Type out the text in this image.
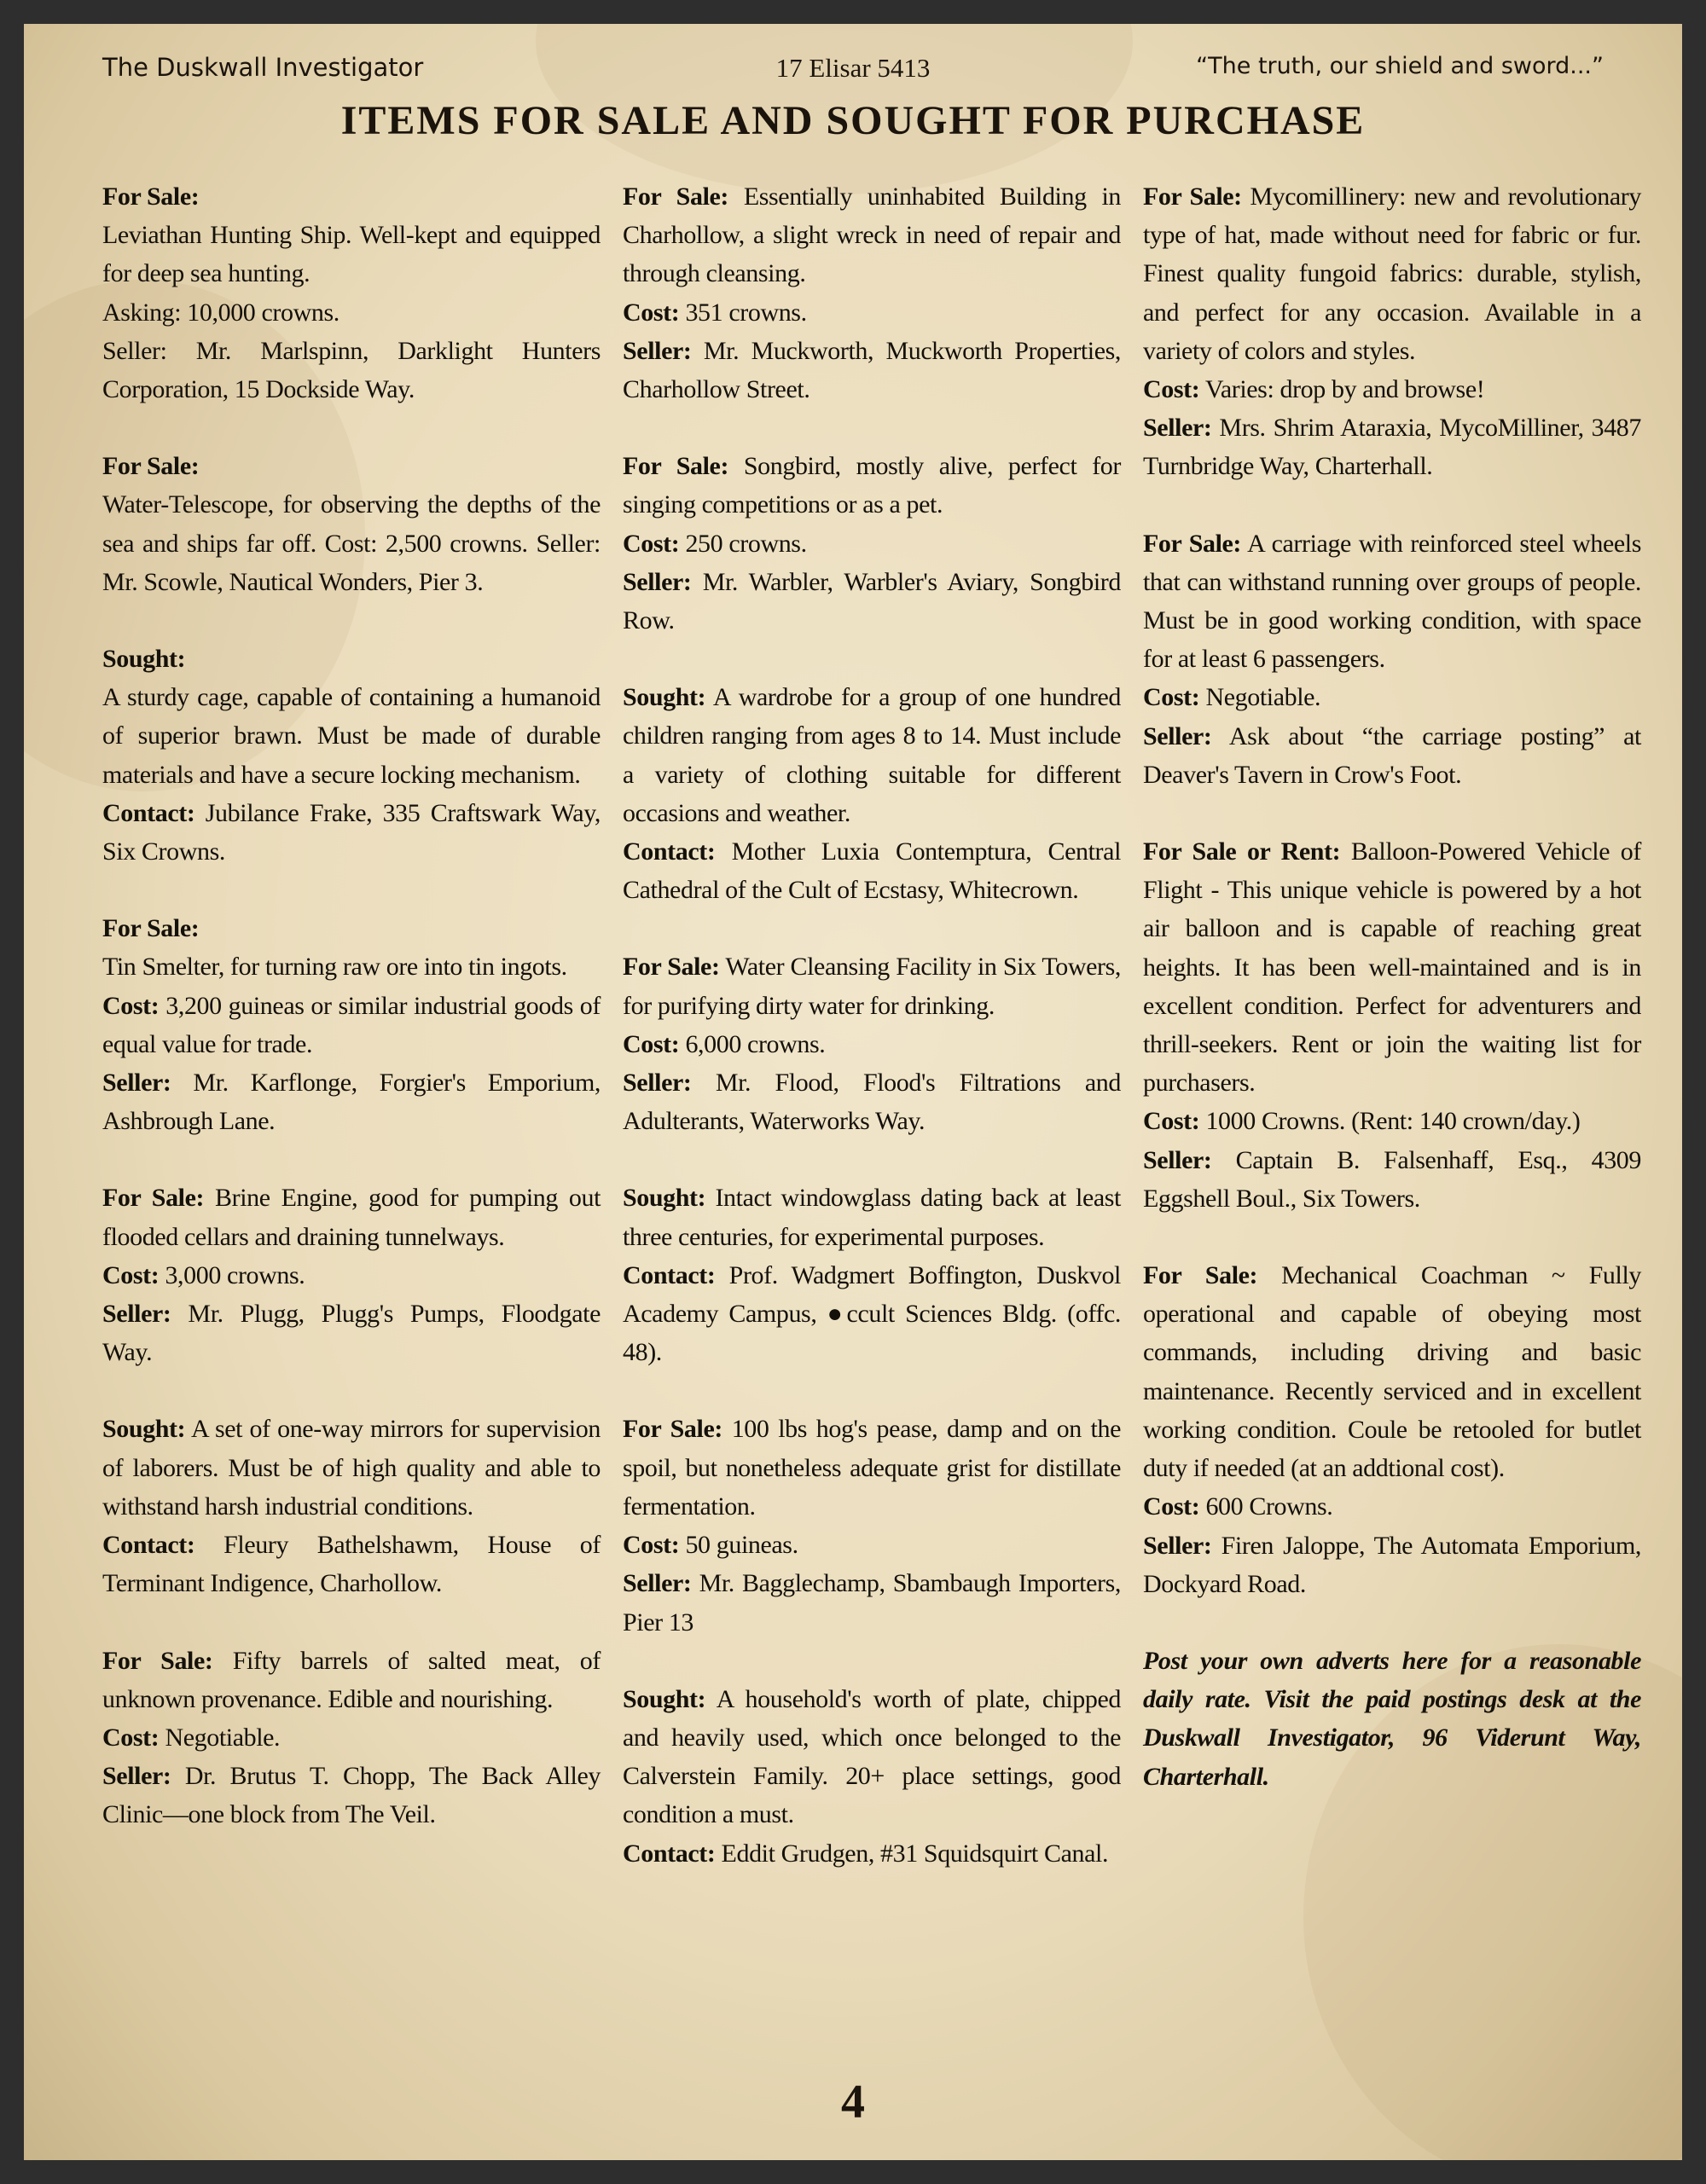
The Duskwall Investigator	17 Elisar 5413	“The truth, our shield and sword...”
ITEMS FOR SALE AND SOUGHT FOR PURCHASE

For Sale:

Leviathan Hunting Ship. Well-kept and equipped for deep sea hunting.

Asking: 10,000 crowns.

Seller: Mr. Marlspinn, Darklight Hunters Corporation, 15 Dockside Way.

For Sale:

Water-Telescope, for observing the depths of the sea and ships far off. Cost: 2,500 crowns. Seller: Mr. Scowle, Nautical Wonders, Pier 3.

Sought:

A sturdy cage, capable of containing a humanoid of superior brawn. Must be made of durable materials and have a secure locking mechanism.

Contact: Jubilance Frake, 335 Craftswark Way, Six Crowns.

For Sale:

Tin Smelter, for turning raw ore into tin ingots.

Cost: 3,200 guineas or similar industrial goods of equal value for trade.

Seller: Mr. Karflonge, Forgier's Emporium, Ashbrough Lane.

For Sale: Brine Engine, good for pumping out flooded cellars and draining tunnelways.

Cost: 3,000 crowns.

Seller: Mr. Plugg, Plugg's Pumps, Floodgate Way.

Sought: A set of one-way mirrors for supervision of laborers. Must be of high quality and able to withstand harsh industrial conditions.

Contact: Fleury Bathelshawm, House of Terminant Indigence, Charhollow.

For Sale: Fifty barrels of salted meat, of unknown provenance. Edible and nourishing.

Cost: Negotiable.

Seller: Dr. Brutus T. Chopp, The Back Alley Clinic—one block from The Veil.

For Sale: Essentially uninhabited Building in Charhollow, a slight wreck in need of repair and through cleansing.

Cost: 351 crowns.

Seller: Mr. Muckworth, Muckworth Properties, Charhollow Street.

For Sale: Songbird, mostly alive, perfect for singing competitions or as a pet.

Cost: 250 crowns.

Seller: Mr. Warbler, Warbler's Aviary, Songbird Row.

Sought: A wardrobe for a group of one hundred children ranging from ages 8 to 14. Must include a variety of clothing suitable for different occasions and weather.

Contact: Mother Luxia Contemptura, Central Cathedral of the Cult of Ecstasy, Whitecrown.

For Sale: Water Cleansing Facility in Six Towers, for purifying dirty water for drinking.

Cost: 6,000 crowns.

Seller: Mr. Flood, Flood's Filtrations and Adulterants, Waterworks Way.

Sought: Intact windowglass dating back at least three centuries, for experimental purposes.

Contact: Prof. Wadgmert Boffington, Duskvol Academy Campus, ●ccult Sciences Bldg. (offc. 48).

For Sale: 100 lbs hog's pease, damp and on the spoil, but nonetheless adequate grist for distillate fermentation.

Cost: 50 guineas.

Seller: Mr. Bagglechamp, Sbambaugh Importers, Pier 13

Sought: A household's worth of plate, chipped and heavily used, which once belonged to the Calverstein Family. 20+ place settings, good condition a must.

Contact: Eddit Grudgen, #31 Squidsquirt Canal.

For Sale: Mycomillinery: new and revolutionary type of hat, made without need for fabric or fur. Finest quality fungoid fabrics: durable, stylish, and perfect for any occasion. Available in a variety of colors and styles.

Cost: Varies: drop by and browse!

Seller: Mrs. Shrim Ataraxia, MycoMilliner, 3487 Turnbridge Way, Charterhall.

For Sale: A carriage with reinforced steel wheels that can withstand running over groups of people. Must be in good working condition, with space for at least 6 passengers.

Cost: Negotiable.

Seller: Ask about “the carriage posting” at Deaver's Tavern in Crow's Foot.

For Sale or Rent: Balloon-Powered Vehicle of Flight - This unique vehicle is powered by a hot air balloon and is capable of reaching great heights. It has been well-maintained and is in excellent condition. Perfect for adventurers and thrill-seekers. Rent or join the waiting list for purchasers.

Cost: 1000 Crowns. (Rent: 140 crown/day.)

Seller: Captain B. Falsenhaff, Esq., 4309 Eggshell Boul., Six Towers.

For Sale: Mechanical Coachman ~ Fully operational and capable of obeying most commands, including driving and basic maintenance. Recently serviced and in excellent working condition. Coule be retooled for butlet duty if needed (at an addtional cost).

Cost: 600 Crowns.

Seller: Firen Jaloppe, The Automata Emporium, Dockyard Road.

Post your own adverts here for a reasonable daily rate. Visit the paid postings desk at the Duskwall Investigator, 96 Viderunt Way, Charterhall.
4
